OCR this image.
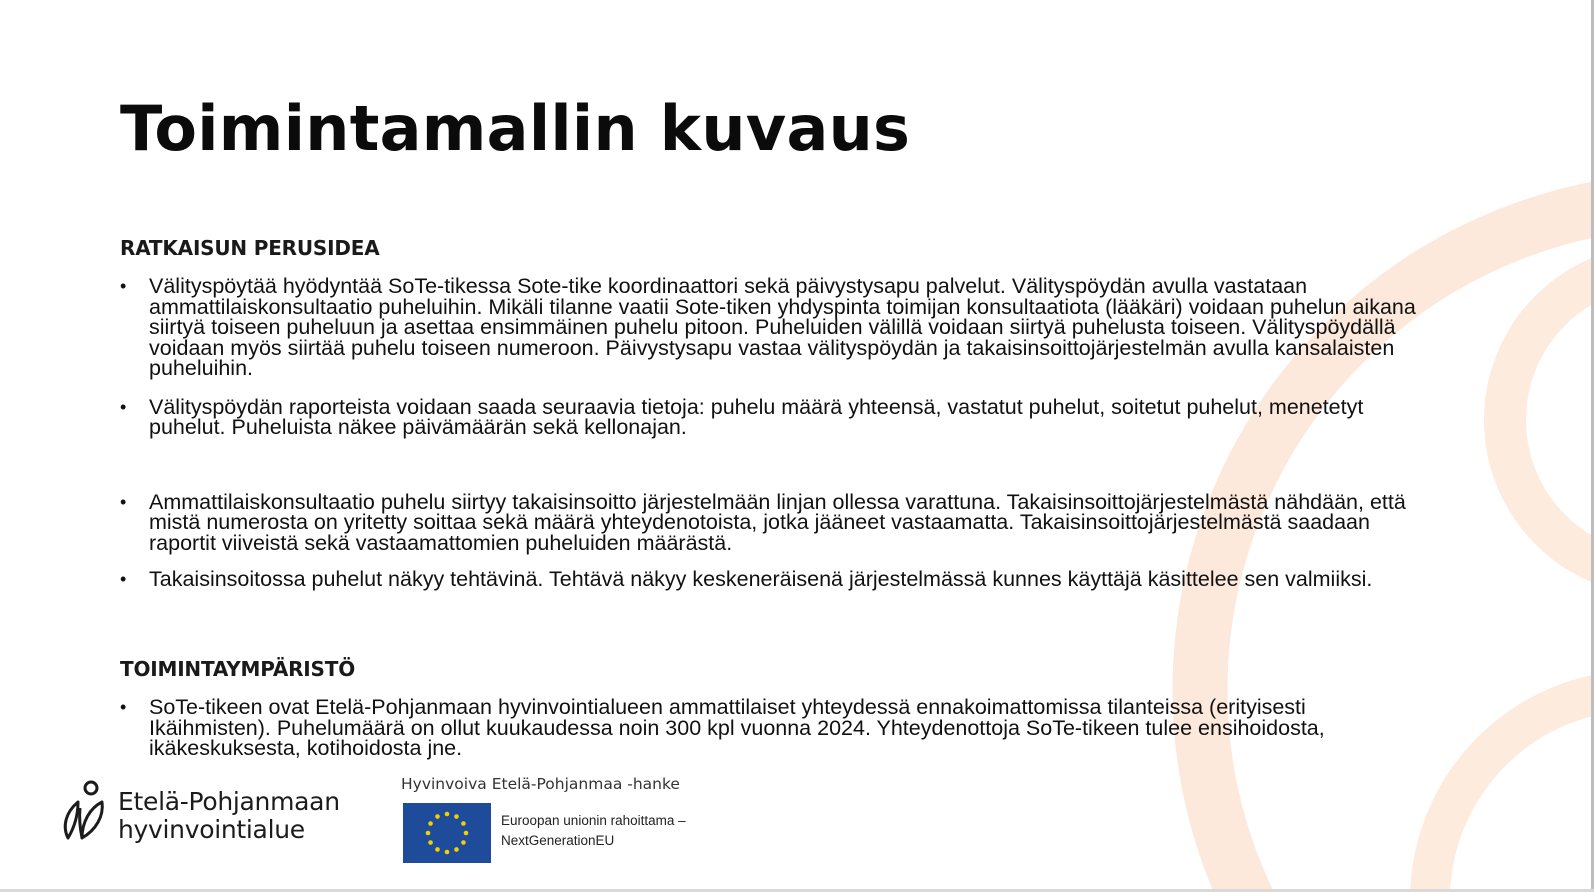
Toimintamallin kuvaus
RATKAISUN PERUSIDEA
• Välityspöytää hyödyntää SoTe-tikessa Sote-tike koordinaattori sekä päivystysapu palvelut. Välityspöydän avulla vastataan ammattilaiskonsultaatio puheluihin. Mikäli tilanne vaatii Sote-tiken yhdyspinta toimijan konsultaatiota (lääkäri) voidaan puhelun aikana siirtyä toiseen puheluun ja asettaa ensimmäinen puhelu pitoon. Puheluiden välillä voidaan siirtyä puhelusta toiseen. Välityspöydällä voidaan myös siirtää puhelu toiseen numeroon. Päivystysapu vastaa välityspöydän ja takaisinsoittojärjestelmän avulla kansalaisten puheluihin.
• Välityspöydän raporteista voidaan saada seuraavia tietoja: puhelu määrä yhteensä, vastatut puhelut, soitetut puhelut, menetetyt puhelut. Puheluista näkee päivämäärän sekä kellonajan.
• Ammattilaiskonsultaatio puhelu siirtyy takaisinsoitto järjestelmään linjan ollessa varattuna. Takaisinsoittojärjestelmästä nähdään, että mistä numerosta on yritetty soittaa sekä määrä yhteydenotoista, jotka jääneet vastaamatta. Takaisinsoittojärjestelmästä saadaan raportit viiveistä sekä vastaamattomien puheluiden määrästä.
• Takaisinsoitossa puhelut näkyy tehtävinä. Tehtävä näkyy keskeneräisenä järjestelmässä kunnes käyttäjä käsittelee sen valmiiksi.
TOIMINTAYMPÄRISTÖ
• SoTe-tikeen ovat Etelä-Pohjanmaan hyvinvointialueen ammattilaiset yhteydessä ennakoimattomissa tilanteissa (erityisesti Ikäihmisten). Puhelumäärä on ollut kuukaudessa noin 300 kpl vuonna 2024. Yhteydenottoja SoTe-tikeen tulee ensihoidosta, ikäkeskuksesta, kotihoidosta jne.
Etelä-Pohjanmaan
hyvinvointialue
Hyvinvoiva Etelä-Pohjanmaa -hanke
Euroopan unionin rahoittama –
NextGenerationEU
